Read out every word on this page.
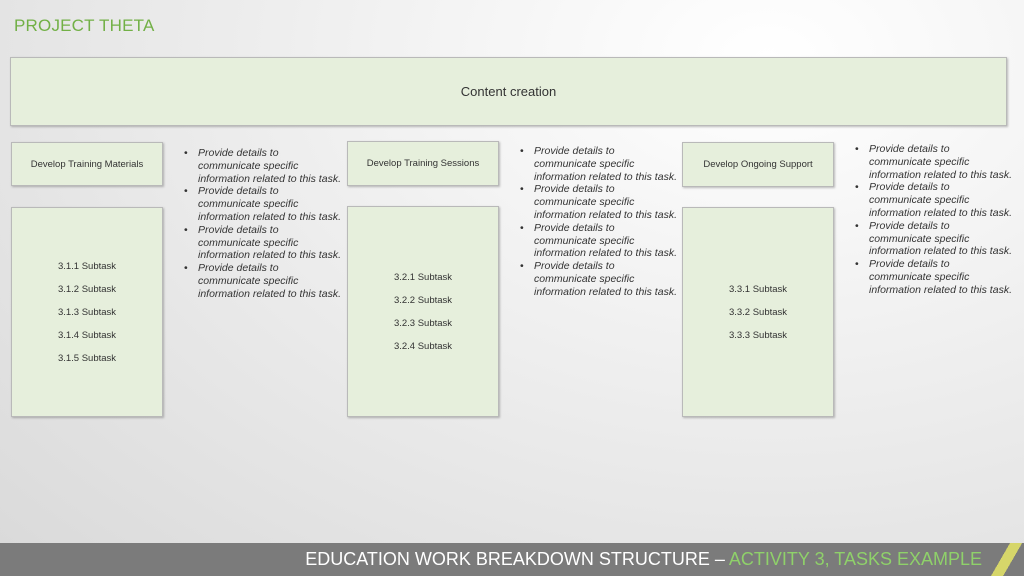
PROJECT THETA
Content creation
Develop Training Materials
3.1.1 Subtask
3.1.2 Subtask
3.1.3 Subtask
3.1.4 Subtask
3.1.5 Subtask
• Provide details to communicate specific information related to this task.
• Provide details to communicate specific information related to this task.
• Provide details to communicate specific information related to this task.
• Provide details to communicate specific information related to this task.
Develop Training Sessions
3.2.1 Subtask
3.2.2 Subtask
3.2.3 Subtask
3.2.4 Subtask
• Provide details to communicate specific information related to this task.
• Provide details to communicate specific information related to this task.
• Provide details to communicate specific information related to this task.
• Provide details to communicate specific information related to this task.
Develop Ongoing Support
3.3.1 Subtask
3.3.2 Subtask
3.3.3 Subtask
• Provide details to communicate specific information related to this task.
• Provide details to communicate specific information related to this task.
• Provide details to communicate specific information related to this task.
• Provide details to communicate specific information related to this task.
EDUCATION WORK BREAKDOWN STRUCTURE – ACTIVITY 3, TASKS EXAMPLE
